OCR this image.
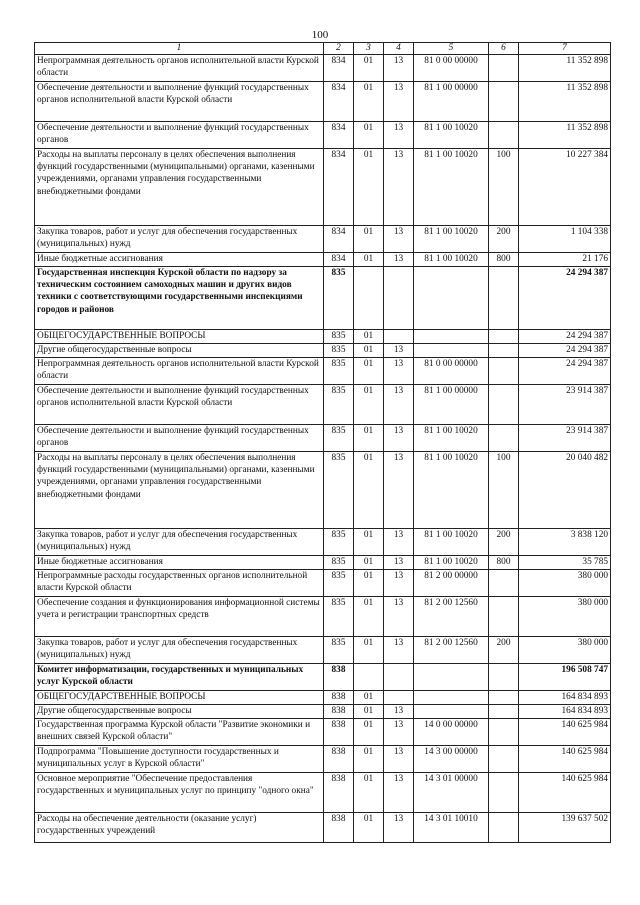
100
1	2	3	4	5	6	7
Непрограммная деятельность органов исполнительной власти Курской области	834	01	13	81 0 00 00000		11 352 898
Обеспечение деятельности и выполнение функций государственных органов исполнительной власти Курской области	834	01	13	81 1 00 00000		11 352 898
Обеспечение деятельности и выполнение функций государственных органов	834	01	13	81 1 00 10020		11 352 898
Расходы на выплаты персоналу в целях обеспечения выполнения функций государственными (муниципальными) органами, казенными учреждениями, органами управления государственными внебюджетными фондами	834	01	13	81 1 00 10020	100	10 227 384
Закупка товаров, работ и услуг для обеспечения государственных (муниципальных) нужд	834	01	13	81 1 00 10020	200	1 104 338
Иные бюджетные ассигнования	834	01	13	81 1 00 10020	800	21 176
Государственная инспекция Курской области по надзору за техническим состоянием самоходных машин и других видов техники с соответствующими государственными инспекциями городов и районов	835					24 294 387
ОБЩЕГОСУДАРСТВЕННЫЕ ВОПРОСЫ	835	01				24 294 387
Другие общегосударственные вопросы	835	01	13			24 294 387
Непрограммная деятельность органов исполнительной власти Курской области	835	01	13	81 0 00 00000		24 294 387
Обеспечение деятельности и выполнение функций государственных органов исполнительной власти Курской области	835	01	13	81 1 00 00000		23 914 387
Обеспечение деятельности и выполнение функций государственных органов	835	01	13	81 1 00 10020		23 914 387
Расходы на выплаты персоналу в целях обеспечения выполнения функций государственными (муниципальными) органами, казенными учреждениями, органами управления государственными внебюджетными фондами	835	01	13	81 1 00 10020	100	20 040 482
Закупка товаров, работ и услуг для обеспечения государственных (муниципальных) нужд	835	01	13	81 1 00 10020	200	3 838 120
Иные бюджетные ассигнования	835	01	13	81 1 00 10020	800	35 785
Непрограммные расходы государственных органов исполнительной власти Курской области	835	01	13	81 2 00 00000		380 000
Обеспечение создания и функционирования информационной системы учета и регистрации транспортных средств	835	01	13	81 2 00 12560		380 000
Закупка товаров, работ и услуг для обеспечения государственных (муниципальных) нужд	835	01	13	81 2 00 12560	200	380 000
Комитет информатизации, государственных и муниципальных услуг Курской области	838					196 508 747
ОБЩЕГОСУДАРСТВЕННЫЕ ВОПРОСЫ	838	01				164 834 893
Другие общегосударственные вопросы	838	01	13			164 834 893
Государственная программа Курской области "Развитие экономики и внешних связей Курской области"	838	01	13	14 0 00 00000		140 625 984
Подпрограмма "Повышение доступности государственных и муниципальных услуг в Курской области"	838	01	13	14 3 00 00000		140 625 984
Основное мероприятие "Обеспечение предоставления государственных и муниципальных услуг по принципу "одного окна"	838	01	13	14 3 01 00000		140 625 984
Расходы на обеспечение деятельности (оказание услуг) государственных учреждений	838	01	13	14 3 01 10010		139 637 502
